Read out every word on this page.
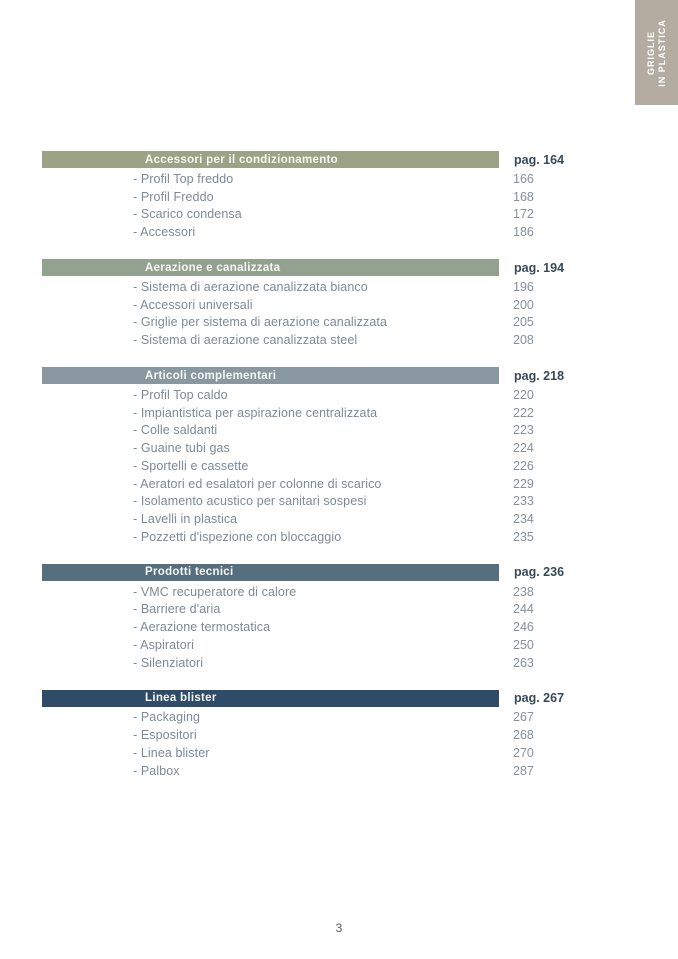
GRIGLIE
IN PLASTICA
Accessori per il condizionamento	pag. 164
- Profil Top freddo	166
- Profil Freddo	168
- Scarico condensa	172
- Accessori	186
Aerazione e canalizzata	pag. 194
- Sistema di aerazione canalizzata bianco	196
- Accessori universali	200
- Griglie per sistema di aerazione canalizzata	205
- Sistema di aerazione canalizzata steel	208
Articoli complementari	pag. 218
- Profil Top caldo	220
- Impiantistica per aspirazione centralizzata	222
- Colle saldanti	223
- Guaine tubi gas	224
- Sportelli e cassette	226
- Aeratori ed esalatori per colonne di scarico	229
- Isolamento acustico per sanitari sospesi	233
- Lavelli in plastica	234
- Pozzetti d'ispezione con bloccaggio	235
Prodotti tecnici	pag. 236
- VMC recuperatore di calore	238
- Barriere d'aria	244
- Aerazione termostatica	246
- Aspiratori	250
- Silenziatori	263
Linea blister	pag. 267
- Packaging	267
- Espositori	268
- Linea blister	270
- Palbox	287
3
